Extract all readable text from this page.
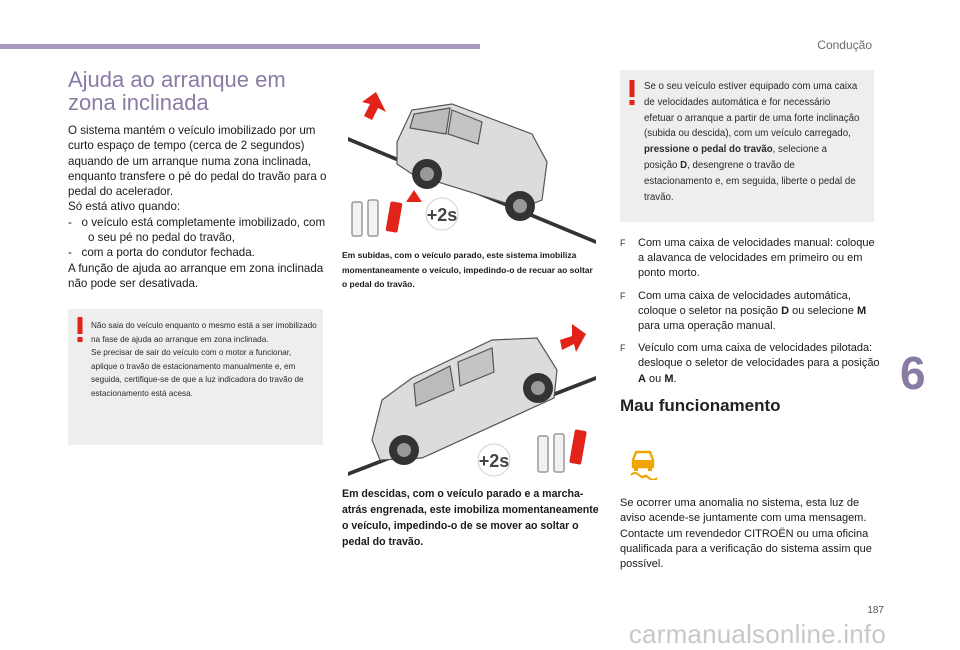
Condução
Ajuda ao arranque em
zona inclinada

O sistema mantém o veículo imobilizado por um curto espaço de tempo (cerca de 2 segundos) aquando de um arranque numa zona inclinada, enquanto transfere o pé do pedal do travão para o pedal do acelerador.

Só está ativo quando:

-   o veículo está completamente imobilizado, com o seu pé no pedal do travão,

-   com a porta do condutor fechada.

A função de ajuda ao arranque em zona inclinada não pode ser desativada.

Não saia do veículo enquanto o mesmo está a ser imobilizado na fase de ajuda ao arranque em zona inclinada.
Se precisar de sair do veículo com o motor a funcionar, aplique o travão de estacionamento manualmente e, em seguida, certifique-se de que a luz indicadora do travão de estacionamento está acesa.
+2s
Em subidas, com o veículo parado, este sistema imobiliza momentaneamente o veículo, impedindo-o de recuar ao soltar o pedal do travão.
+2s
Em descidas, com o veículo parado e a marcha-atrás engrenada, este imobiliza momentaneamente o veículo, impedindo-o de se mover ao soltar o pedal do travão.
Se o seu veículo estiver equipado com uma caixa de velocidades automática e for necessário efetuar o arranque a partir de uma forte inclinação (subida ou descida), com um veículo carregado, pressione o pedal do travão, selecione a posição D, desengrene o travão de estacionamento e, em seguida, liberte o pedal de travão.
F Com uma caixa de velocidades manual: coloque a alavanca de velocidades em primeiro ou em ponto morto.
F Com uma caixa de velocidades automática, coloque o seletor na posição D ou selecione M para uma operação manual.
F Veículo com uma caixa de velocidades pilotada: desloque o seletor de velocidades para a posição A ou M.
Mau funcionamento
Se ocorrer uma anomalia no sistema, esta luz de aviso acende-se juntamente com uma mensagem. Contacte um revendedor CITROËN ou uma oficina qualificada para a verificação do sistema assim que possível.
6
187
carmanualsonline.info
